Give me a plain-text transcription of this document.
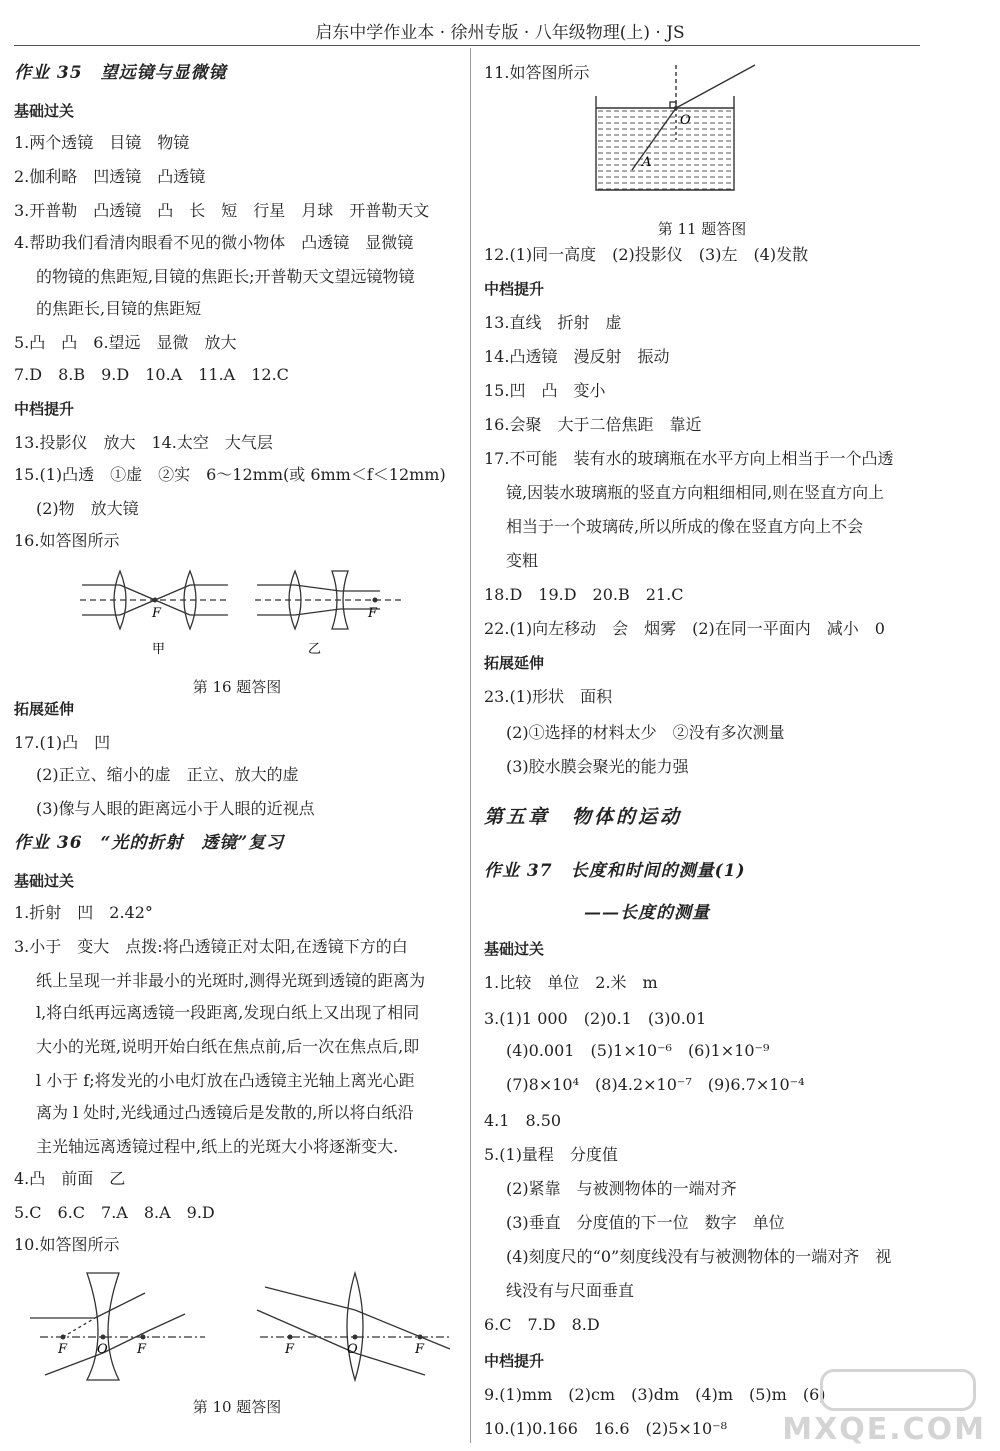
启东中学作业本 · 徐州专版 · 八年级物理(上) · JS
作业 35　望远镜与显微镜
基础过关
1.两个透镜　目镜　物镜
2.伽利略　凹透镜　凸透镜
3.开普勒　凸透镜　凸　长　短　行星　月球　开普勒天文
4.帮助我们看清肉眼看不见的微小物体　凸透镜　显微镜
的物镜的焦距短,目镜的焦距长;开普勒天文望远镜物镜
的焦距长,目镜的焦距短
5.凸　凸　6.望远　显微　放大
7.D　8.B　9.D　10.A　11.A　12.C
中档提升
13.投影仪　放大　14.太空　大气层
15.(1)凸透　①虚　②实　6～12mm(或 6mm＜f＜12mm)
(2)物　放大镜
16.如答图所示
第 16 题答图
拓展延伸
17.(1)凸　凹
(2)正立、缩小的虚　正立、放大的虚
(3)像与人眼的距离远小于人眼的近视点
作业 36　“光的折射　透镜”复习
基础过关
1.折射　凹　2.42°
3.小于　变大　点拨:将凸透镜正对太阳,在透镜下方的白
纸上呈现一并非最小的光斑时,测得光斑到透镜的距离为
l,将白纸再远离透镜一段距离,发现白纸上又出现了相同
大小的光斑,说明开始白纸在焦点前,后一次在焦点后,即
l 小于 f;将发光的小电灯放在凸透镜主光轴上离光心距
离为 l 处时,光线通过凸透镜后是发散的,所以将白纸沿
主光轴远离透镜过程中,纸上的光斑大小将逐渐变大.
4.凸　前面　乙
5.C　6.C　7.A　8.A　9.D
10.如答图所示
第 10 题答图
11.如答图所示
第 11 题答图
12.(1)同一高度　(2)投影仪　(3)左　(4)发散
中档提升
13.直线　折射　虚
14.凸透镜　漫反射　振动
15.凹　凸　变小
16.会聚　大于二倍焦距　靠近
17.不可能　装有水的玻璃瓶在水平方向上相当于一个凸透
镜,因装水玻璃瓶的竖直方向粗细相同,则在竖直方向上
相当于一个玻璃砖,所以所成的像在竖直方向上不会
变粗
18.D　19.D　20.B　21.C
22.(1)向左移动　会　烟雾　(2)在同一平面内　减小　0
拓展延伸
23.(1)形状　面积
(2)①选择的材料太少　②没有多次测量
(3)胶水膜会聚光的能力强
第五章　物体的运动
作业 37　长度和时间的测量(1)
——长度的测量
基础过关
1.比较　单位　2.米　m
3.(1)1 000　(2)0.1　(3)0.01
(4)0.001　(5)1×10⁻⁶　(6)1×10⁻⁹
(7)8×10⁴　(8)4.2×10⁻⁷　(9)6.7×10⁻⁴
4.1　8.50
5.(1)量程　分度值
(2)紧靠　与被测物体的一端对齐
(3)垂直　分度值的下一位　数字　单位
(4)刻度尺的“0”刻度线没有与被测物体的一端对齐　视
线没有与尺面垂直
6.C　7.D　8.D
中档提升
9.(1)mm　(2)cm　(3)dm　(4)m　(5)m　(6)
10.(1)0.166　16.6　(2)5×10⁻⁸
F	F
甲	乙
F	F
O	F	F
O
O
A
MXQE.COM
